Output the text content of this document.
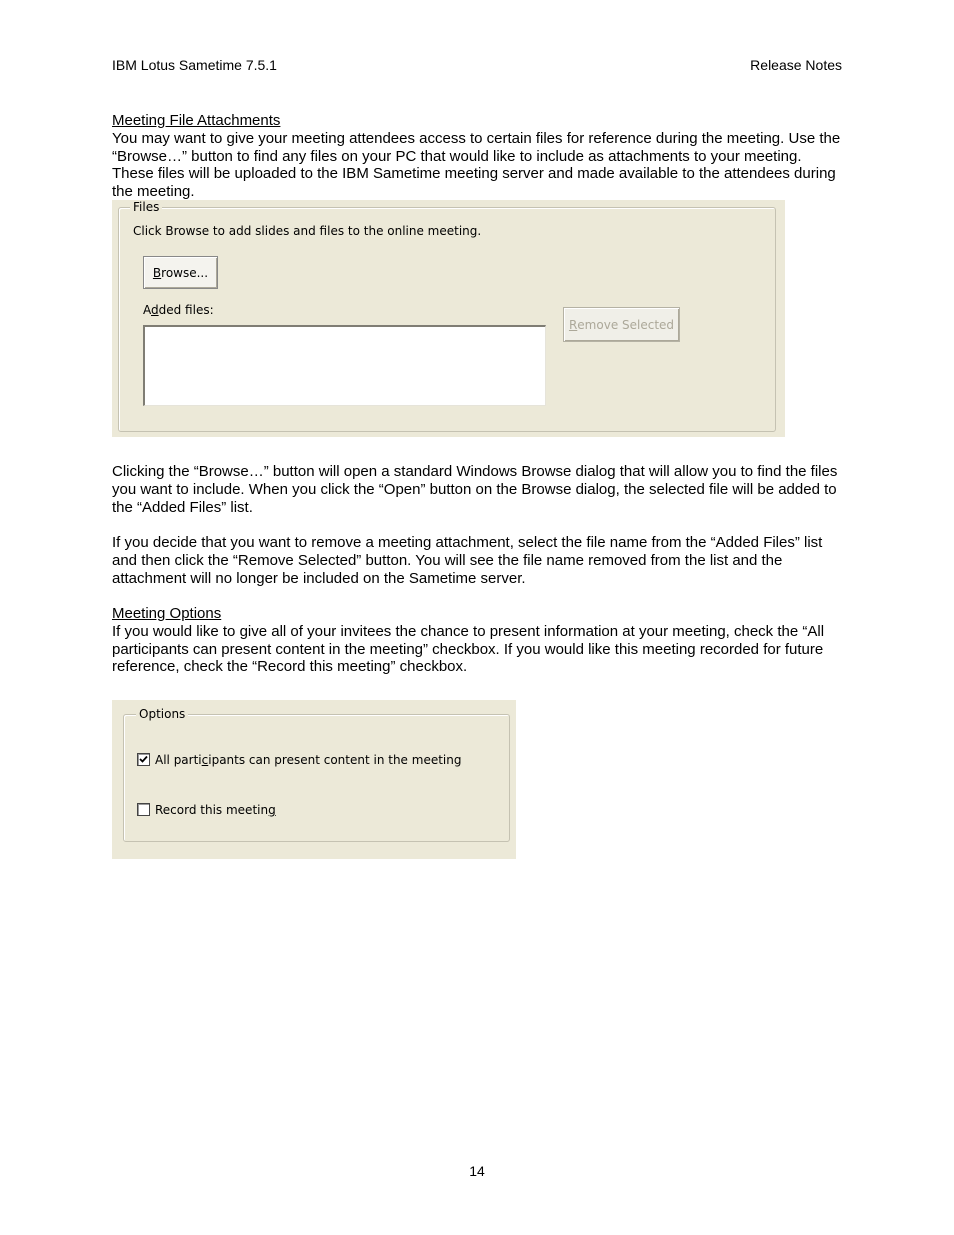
IBM Lotus Sametime 7.5.1	Release Notes
Meeting File Attachments
You may want to give your meeting attendees access to certain files for reference during the meeting. Use the “Browse…” button to find any files on your PC that would like to include as attachments to your meeting. These files will be uploaded to the IBM Sametime meeting server and made available to the attendees during the meeting.
Files
Click Browse to add slides and files to the online meeting.
B rowse...
Added files:
R emove Selected
Clicking the “Browse…” button will open a standard Windows Browse dialog that will allow you to find the files you want to include. When you click the “Open” button on the Browse dialog, the selected file will be added to the “Added Files” list.
If you decide that you want to remove a meeting attachment, select the file name from the “Added Files” list and then click the “Remove Selected” button. You will see the file name removed from the list and the attachment will no longer be included on the Sametime server.
Meeting Options
If you would like to give all of your invitees the chance to present information at your meeting, check the “All participants can present content in the meeting” checkbox. If you would like this meeting recorded for future reference, check the “Record this meeting” checkbox.
Options
All participants can present content in the meeting
Record this meeting
14
